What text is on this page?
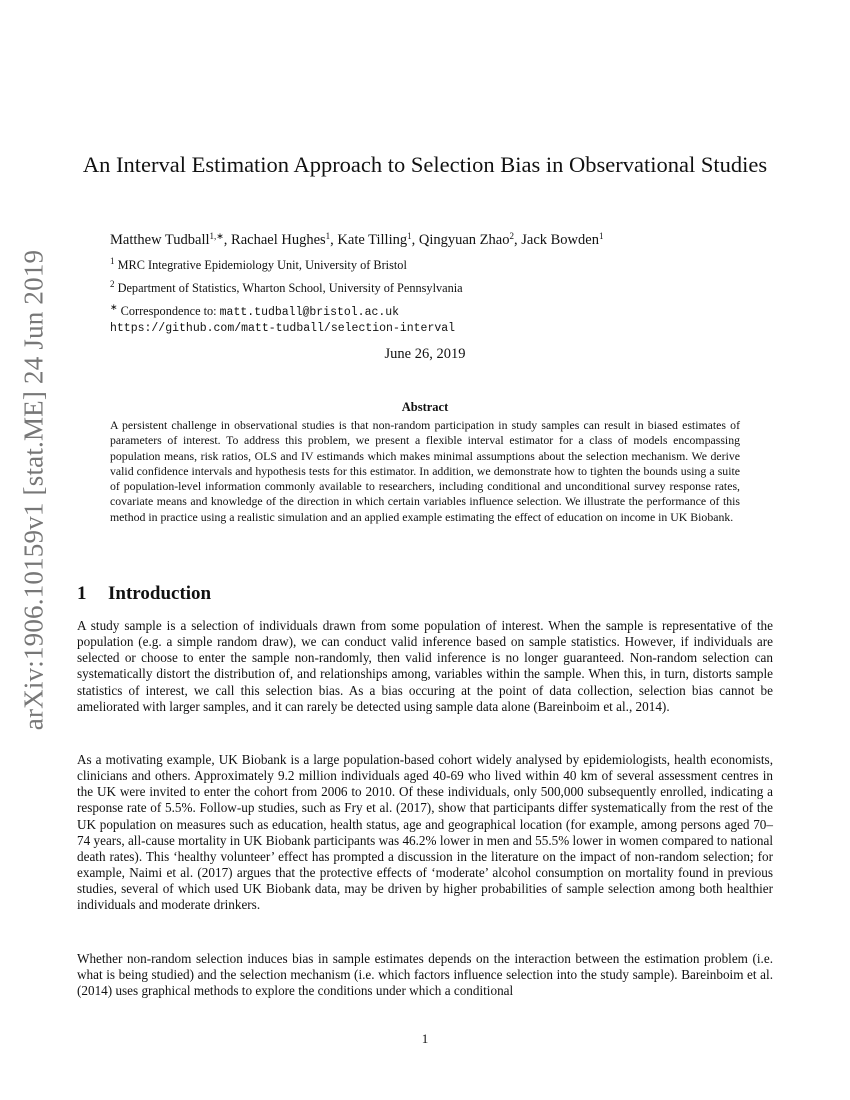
arXiv:1906.10159v1 [stat.ME] 24 Jun 2019
An Interval Estimation Approach to Selection Bias in Observational Studies
Matthew Tudball$^{1,∗}$, Rachael Hughes$^1$, Kate Tilling$^1$, Qingyuan Zhao$^2$, Jack Bowden$^1$
$^1$ MRC Integrative Epidemiology Unit, University of Bristol
$^2$ Department of Statistics, Wharton School, University of Pennsylvania
∗ Correspondence to: matt.tudball@bristol.ac.uk
https://github.com/matt-tudball/selection-interval
June 26, 2019
Abstract

A persistent challenge in observational studies is that non-random participation in study samples can result in biased estimates of parameters of interest. To address this problem, we present a flexible interval estimator for a class of models encompassing population means, risk ratios, OLS and IV estimands which makes minimal assumptions about the selection mechanism. We derive valid confidence intervals and hypothesis tests for this estimator. In addition, we demonstrate how to tighten the bounds using a suite of population-level information commonly available to researchers, including conditional and unconditional survey response rates, covariate means and knowledge of the direction in which certain variables influence selection. We illustrate the performance of this method in practice using a realistic simulation and an applied example estimating the effect of education on income in UK Biobank.

1 Introduction

A study sample is a selection of individuals drawn from some population of interest. When the sample is representative of the population (e.g. a simple random draw), we can conduct valid inference based on sample statistics. However, if individuals are selected or choose to enter the sample non-randomly, then valid inference is no longer guaranteed. Non-random selection can systematically distort the distribution of, and relationships among, variables within the sample. When this, in turn, distorts sample statistics of interest, we call this selection bias. As a bias occuring at the point of data collection, selection bias cannot be ameliorated with larger samples, and it can rarely be detected using sample data alone (Bareinboim et al., 2014).

As a motivating example, UK Biobank is a large population-based cohort widely analysed by epidemiologists, health economists, clinicians and others. Approximately 9.2 million individuals aged 40-69 who lived within 40 km of several assessment centres in the UK were invited to enter the cohort from 2006 to 2010. Of these individuals, only 500,000 subsequently enrolled, indicating a response rate of 5.5%. Follow-up studies, such as Fry et al. (2017), show that participants differ systematically from the rest of the UK population on measures such as education, health status, age and geographical location (for example, among persons aged 70–74 years, all-cause mortality in UK Biobank participants was 46.2% lower in men and 55.5% lower in women compared to national death rates). This ‘healthy volunteer’ effect has prompted a discussion in the literature on the impact of non-random selection; for example, Naimi et al. (2017) argues that the protective effects of ‘moderate’ alcohol consumption on mortality found in previous studies, several of which used UK Biobank data, may be driven by higher probabilities of sample selection among both healthier individuals and moderate drinkers.

Whether non-random selection induces bias in sample estimates depends on the interaction between the estimation problem (i.e. what is being studied) and the selection mechanism (i.e. which factors influence selection into the study sample). Bareinboim et al. (2014) uses graphical methods to explore the conditions under which a conditional

1
